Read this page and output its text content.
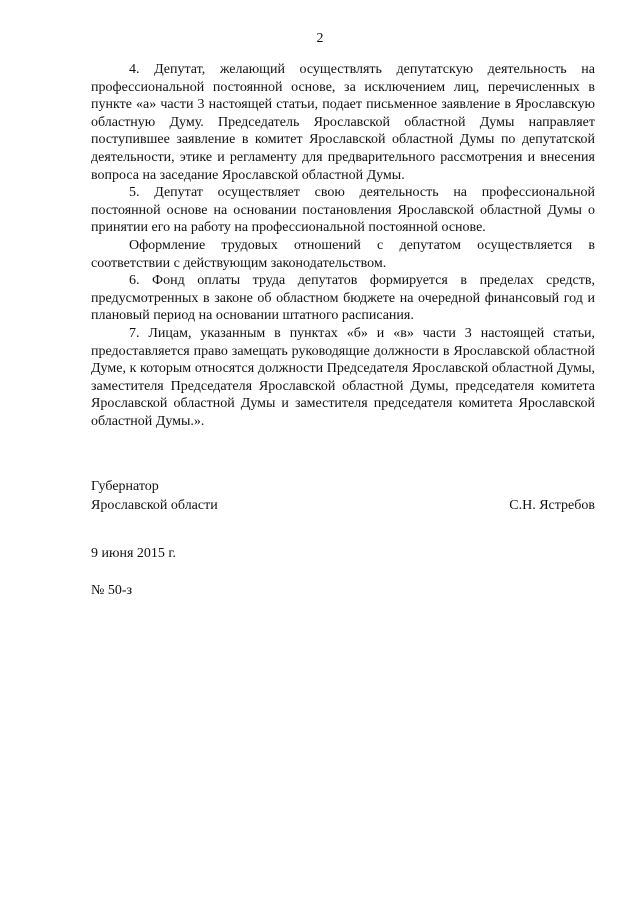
2

4. Депутат, желающий осуществлять депутатскую деятельность на профессиональной постоянной основе, за исключением лиц, перечисленных в пункте «а» части 3 настоящей статьи, подает письменное заявление в Ярославскую областную Думу. Председатель Ярославской областной Думы направляет поступившее заявление в комитет Ярославской областной Думы по депутатской деятельности, этике и регламенту для предварительного рассмотрения и внесения вопроса на заседание Ярославской областной Думы.

5. Депутат осуществляет свою деятельность на профессиональной постоянной основе на основании постановления Ярославской областной Думы о принятии его на работу на профессиональной постоянной основе.

Оформление трудовых отношений с депутатом осуществляется в соответствии с действующим законодательством.

6. Фонд оплаты труда депутатов формируется в пределах средств, предусмотренных в законе об областном бюджете на очередной финансовый год и плановый период на основании штатного расписания.

7. Лицам, указанным в пунктах «б» и «в» части 3 настоящей статьи, предоставляется право замещать руководящие должности в Ярославской областной Думе, к которым относятся должности Председателя Ярославской областной Думы, заместителя Председателя Ярославской областной Думы, председателя комитета Ярославской областной Думы и заместителя председателя комитета Ярославской областной Думы.».

Губернатор
Ярославской области	С.Н. Ястребов
9 июня 2015 г.
№ 50-з
